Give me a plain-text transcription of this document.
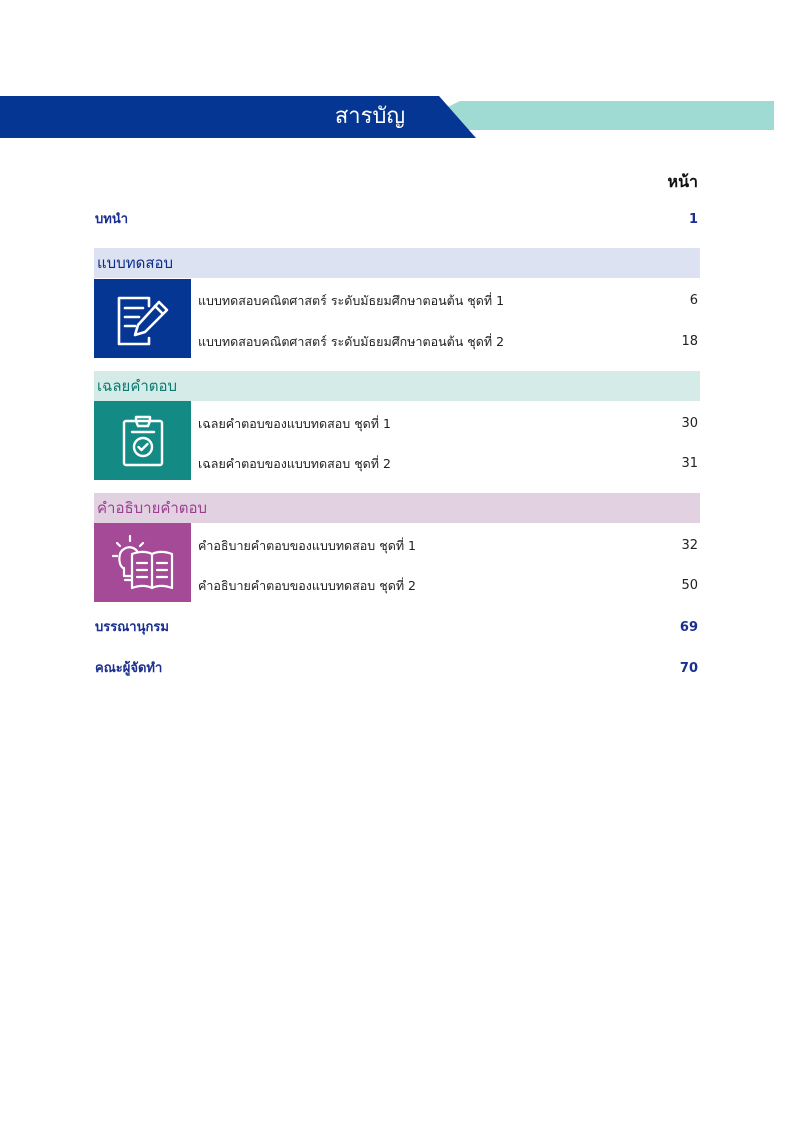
สารบัญ
หน้า
บทนำ	1
แบบทดสอบ
แบบทดสอบคณิตศาสตร์ ระดับมัธยมศึกษาตอนต้น ชุดที่ 1	6
แบบทดสอบคณิตศาสตร์ ระดับมัธยมศึกษาตอนต้น ชุดที่ 2	18
เฉลยคำตอบ
เฉลยคำตอบของแบบทดสอบ ชุดที่ 1	30
เฉลยคำตอบของแบบทดสอบ ชุดที่ 2	31
คำอธิบายคำตอบ
คำอธิบายคำตอบของแบบทดสอบ ชุดที่ 1	32
คำอธิบายคำตอบของแบบทดสอบ ชุดที่ 2	50
บรรณานุกรม	69
คณะผู้จัดทำ	70
